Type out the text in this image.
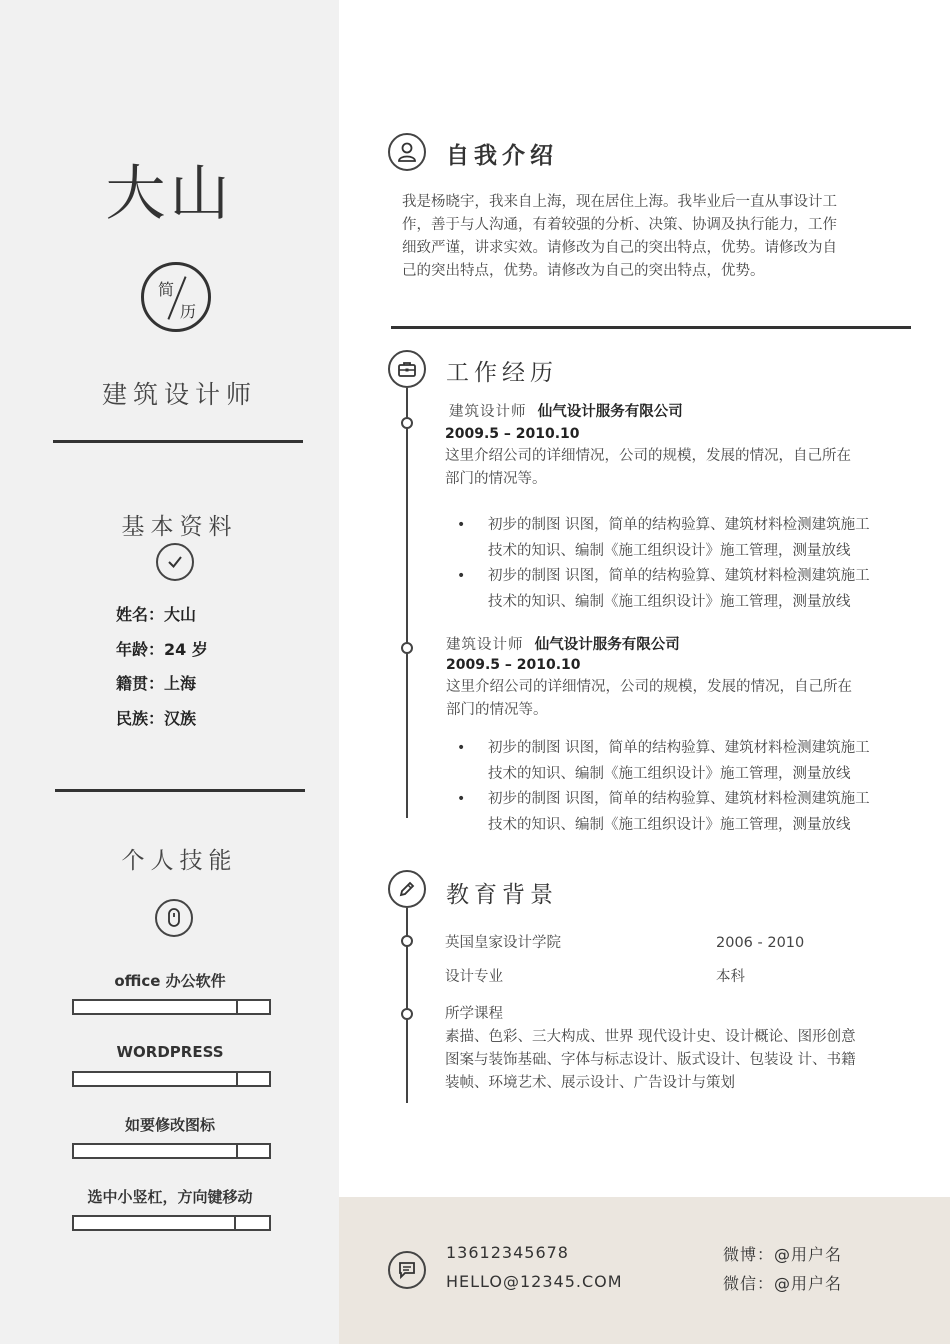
大山
简
历
建筑设计师
基本资料
姓名：大山
年龄：24 岁
籍贯：上海
民族：汉族
个人技能
office 办公软件
WORDPRESS
如要修改图标
选中小竖杠，方向键移动
自我介绍
我是杨晓宇，我来自上海，现在居住上海。我毕业后一直从事设计工
作，善于与人沟通，有着较强的分析、决策、协调及执行能力，工作
细致严谨，讲求实效。请修改为自己的突出特点，优势。请修改为自
己的突出特点，优势。请修改为自己的突出特点，优势。
工作经历
建筑设计师 仙气设计服务有限公司
2009.5 – 2010.10
这里介绍公司的详细情况，公司的规模，发展的情况，自己所在
部门的情况等。
• 初步的制图 识图，简单的结构验算、建筑材料检测建筑施工
技术的知识、编制《施工组织设计》施工管理，测量放线
• 初步的制图 识图，简单的结构验算、建筑材料检测建筑施工
技术的知识、编制《施工组织设计》施工管理，测量放线
建筑设计师 仙气设计服务有限公司
2009.5 – 2010.10
这里介绍公司的详细情况，公司的规模，发展的情况，自己所在
部门的情况等。
• 初步的制图 识图，简单的结构验算、建筑材料检测建筑施工
技术的知识、编制《施工组织设计》施工管理，测量放线
• 初步的制图 识图，简单的结构验算、建筑材料检测建筑施工
技术的知识、编制《施工组织设计》施工管理，测量放线
教育背景
英国皇家设计学院	2006 - 2010
设计专业	本科
所学课程
素描、色彩、三大构成、世界 现代设计史、设计概论、图形创意
图案与装饰基础、字体与标志设计、版式设计、包装设 计、书籍
装帧、环境艺术、展示设计、广告设计与策划
13612345678
HELLO@12345.COM
微博：@用户名
微信：@用户名
